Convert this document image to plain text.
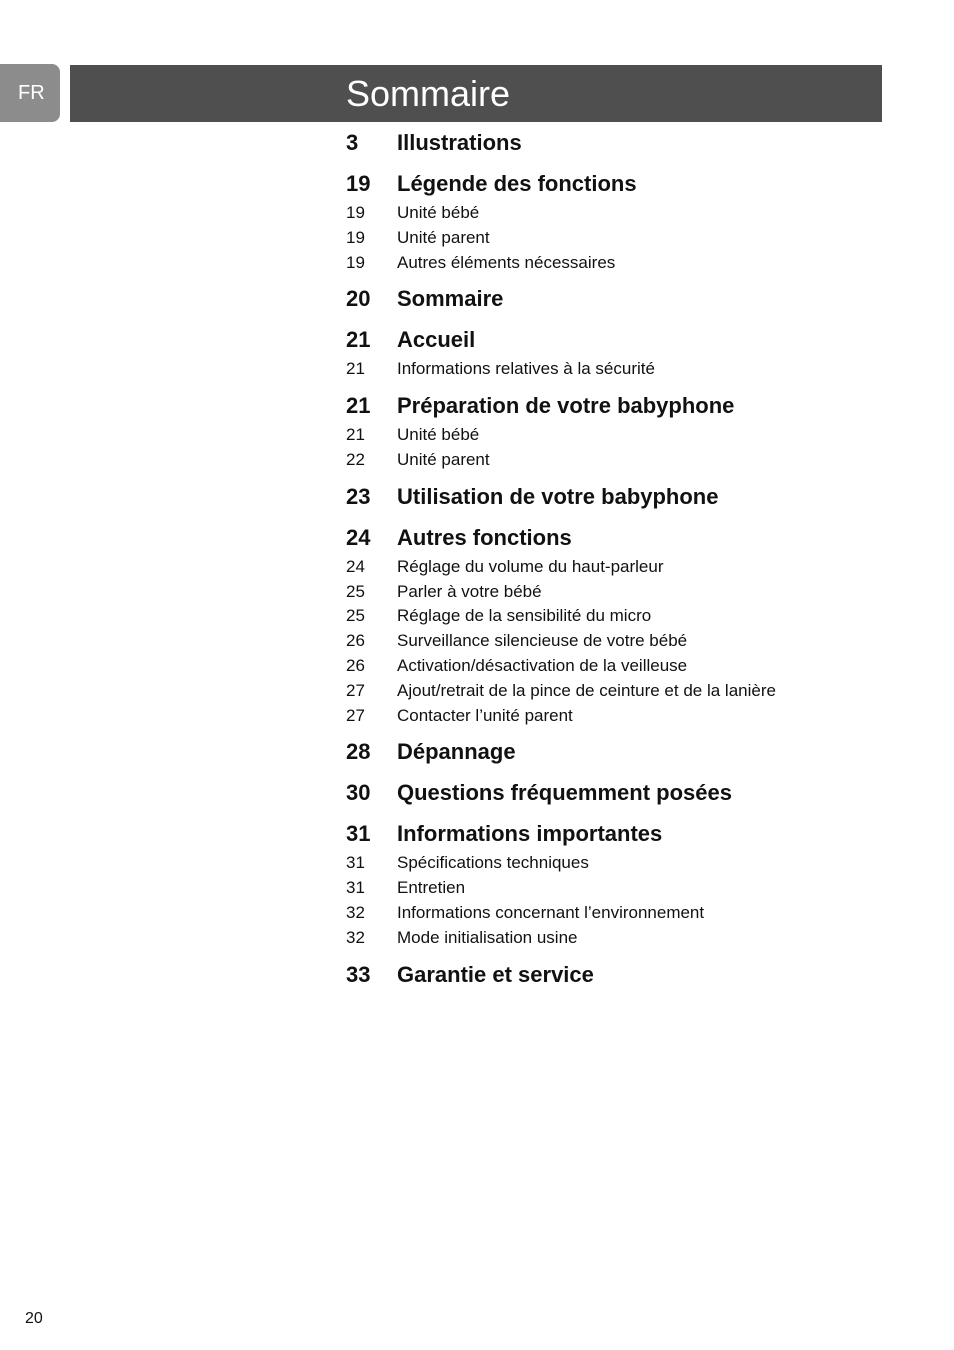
FR	Sommaire
3 Illustrations
19 Légende des fonctions
19 Unité bébé
19 Unité parent
19 Autres éléments nécessaires
20 Sommaire
21 Accueil
21 Informations relatives à la sécurité
21 Préparation de votre babyphone
21 Unité bébé
22 Unité parent
23 Utilisation de votre babyphone
24 Autres fonctions
24 Réglage du volume du haut-parleur
25 Parler à votre bébé
25 Réglage de la sensibilité du micro
26 Surveillance silencieuse de votre bébé
26 Activation/désactivation de la veilleuse
27 Ajout/retrait de la pince de ceinture et de la lanière
27 Contacter l’unité parent
28 Dépannage
30 Questions fréquemment posées
31 Informations importantes
31 Spécifications techniques
31 Entretien
32 Informations concernant l’environnement
32 Mode initialisation usine
33 Garantie et service
20
